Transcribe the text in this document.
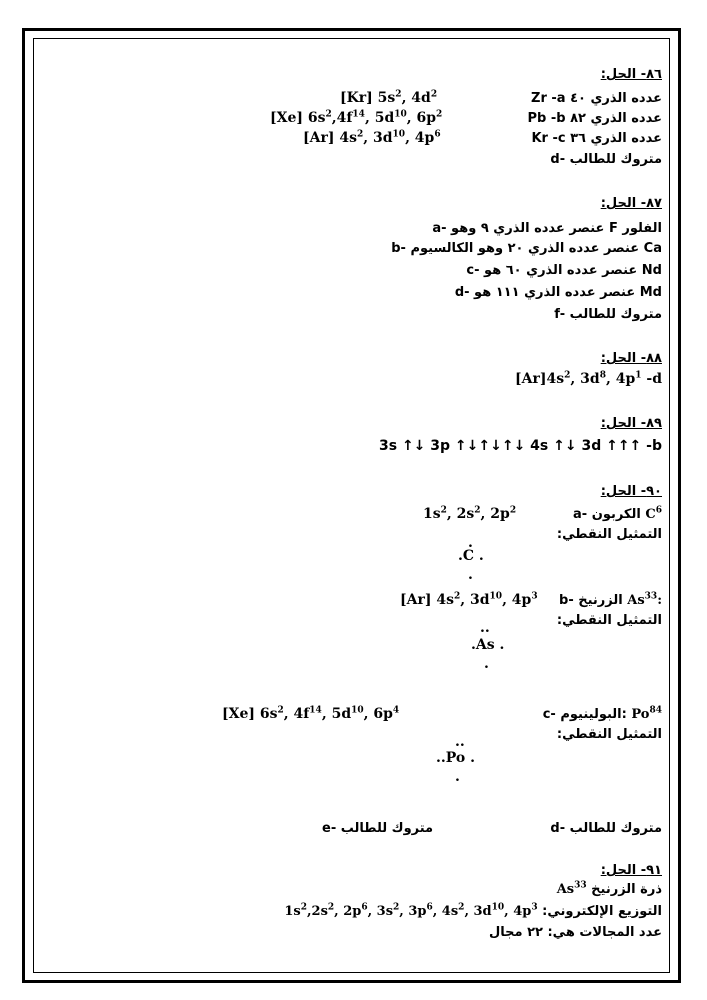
٨٦- الحل:
Zr -a عدده الذري ٤٠
[Kr] $5s^2$, $4d^2$
Pb -b عدده الذري ٨٢
[Xe] $6s^2,4f^{14}$, $5d^{10}$, $6p^2$
Kr -c عدده الذري ٣٦
[Ar] $4s^2$, $3d^{10}$, $4p^6$
d- متروك للطالب
٨٧- الحل:
a- عنصر عدده الذري ٩ وهو F الفلور
b- عنصر عدده الذري ٢٠ وهو الكالسيوم Ca
c- عنصر عدده الذري ٦٠ هو Nd
d- عنصر عدده الذري ١١١ هو Md
f- متروك للطالب
٨٨- الحل:
$[Ar]4s^2$, $3d^8$, $4p^1$ -d
٨٩- الحل:
3s ↑↓ 3p ↑↓↑↓↑↓ 4s ↑↓ 3d ↑↑↑ -b
٩٠- الحل:
a- الكربون $C^6$
$1s^2$, $2s^2$, $2p^2$
التمثيل النقطي:
.
.C .
.
b- الزرنيخ As$^{33}$:
[Ar] $4s^2$, $3d^{10}$, $4p^3$
التمثيل النقطي:
..
.As .
.
c- البولينيوم: Po$^{84}$
[Xe] $6s^2$, $4f^{14}$, $5d^{10}$, $6p^4$
التمثيل النقطي:
..
..Po .
.
d- متروك للطالب
e- متروك للطالب
٩١- الحل:
ذرة الزرنيخ As$^{33}$
التوزيع الإلكتروني: $1s^2,2s^2$, $2p^6$, $3s^2$, $3p^6$, $4s^2$, $3d^{10}$, $4p^3$
عدد المجالات هي: ٢٢ مجال
